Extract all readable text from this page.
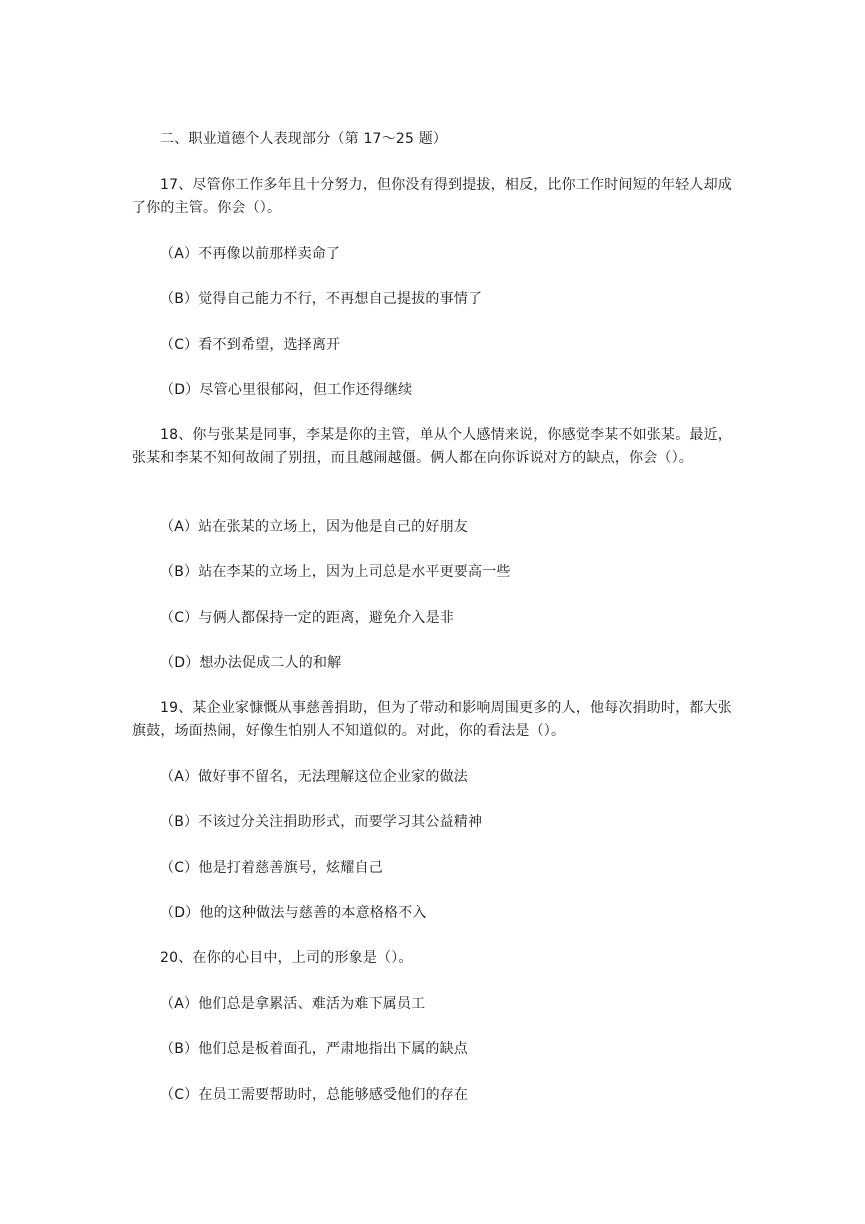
二、职业道德个人表现部分（第 17～25 题）
17、尽管你工作多年且十分努力，但你没有得到提拔，相反，比你工作时间短的年轻人却成了你的主管。你会（）。
（A）不再像以前那样卖命了
（B）觉得自己能力不行，不再想自己提拔的事情了
（C）看不到希望，选择离开
（D）尽管心里很郁闷，但工作还得继续
18、你与张某是同事，李某是你的主管，单从个人感情来说，你感觉李某不如张某。最近，张某和李某不知何故闹了别扭，而且越闹越僵。俩人都在向你诉说对方的缺点，你会（）。
（A）站在张某的立场上，因为他是自己的好朋友
（B）站在李某的立场上，因为上司总是水平更要高一些
（C）与俩人都保持一定的距离，避免介入是非
（D）想办法促成二人的和解
19、某企业家慷慨从事慈善捐助，但为了带动和影响周围更多的人，他每次捐助时，都大张旗鼓，场面热闹，好像生怕别人不知道似的。对此，你的看法是（）。
（A）做好事不留名，无法理解这位企业家的做法
（B）不该过分关注捐助形式，而要学习其公益精神
（C）他是打着慈善旗号，炫耀自己
（D）他的这种做法与慈善的本意格格不入
20、在你的心目中，上司的形象是（）。
（A）他们总是拿累活、难活为难下属员工
（B）他们总是板着面孔，严肃地指出下属的缺点
（C）在员工需要帮助时，总能够感受他们的存在
